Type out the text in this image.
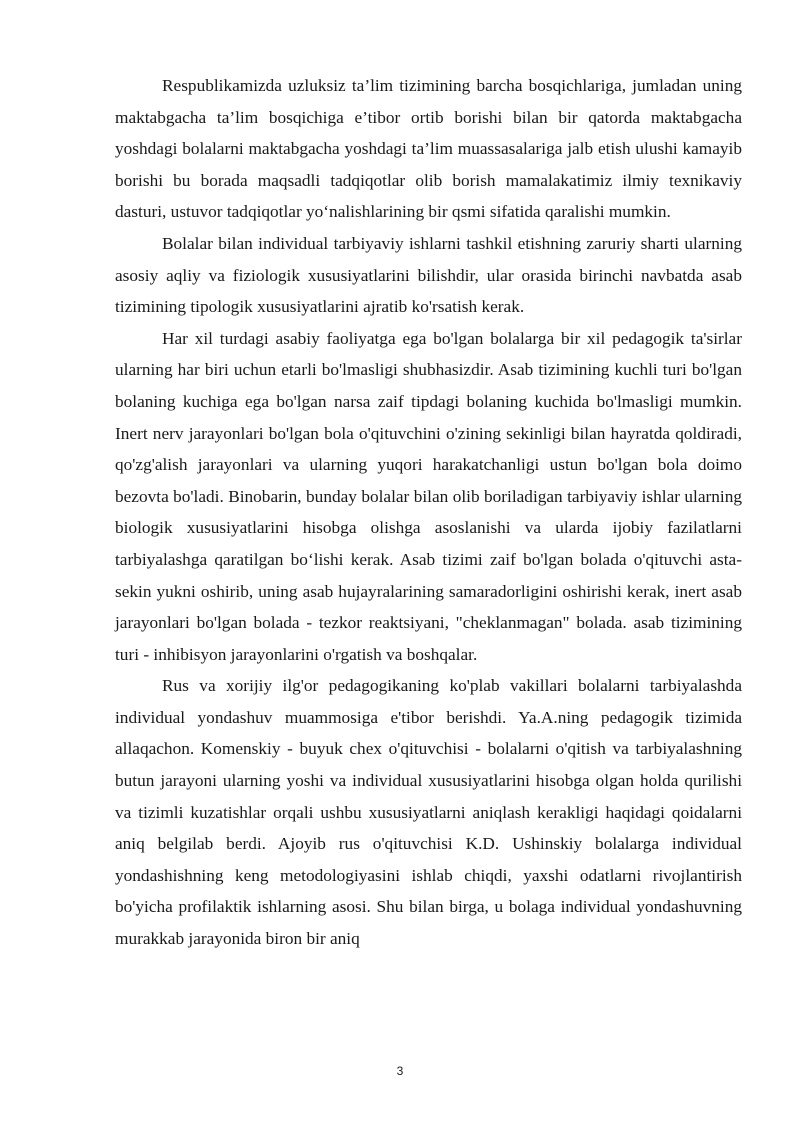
Respublikamizda uzluksiz ta’lim tizimining barcha bosqichlariga, jumladan uning maktabgacha ta’lim bosqichiga e’tibor ortib borishi bilan bir qatorda maktabgacha yoshdagi bolalarni maktabgacha yoshdagi ta’lim muassasalariga jalb etish ulushi kamayib borishi bu borada maqsadli tadqiqotlar olib borish mamalakatimiz ilmiy texnikaviy dasturi, ustuvor tadqiqotlar yo‘nalishlarining bir qsmi sifatida qaralishi mumkin.

Bolalar bilan individual tarbiyaviy ishlarni tashkil etishning zaruriy sharti ularning asosiy aqliy va fiziologik xususiyatlarini bilishdir, ular orasida birinchi navbatda asab tizimining tipologik xususiyatlarini ajratib ko'rsatish kerak.

Har xil turdagi asabiy faoliyatga ega bo'lgan bolalarga bir xil pedagogik ta'sirlar ularning har biri uchun etarli bo'lmasligi shubhasizdir. Asab tizimining kuchli turi bo'lgan bolaning kuchiga ega bo'lgan narsa zaif tipdagi bolaning kuchida bo'lmasligi mumkin. Inert nerv jarayonlari bo'lgan bola o'qituvchini o'zining sekinligi bilan hayratda qoldiradi, qo'zg'alish jarayonlari va ularning yuqori harakatchanligi ustun bo'lgan bola doimo bezovta bo'ladi. Binobarin, bunday bolalar bilan olib boriladigan tarbiyaviy ishlar ularning biologik xususiyatlarini hisobga olishga asoslanishi va ularda ijobiy fazilatlarni tarbiyalashga qaratilgan bo‘lishi kerak. Asab tizimi zaif bo'lgan bolada o'qituvchi asta-sekin yukni oshirib, uning asab hujayralarining samaradorligini oshirishi kerak, inert asab jarayonlari bo'lgan bolada - tezkor reaktsiyani, "cheklanmagan" bolada. asab tizimining turi - inhibisyon jarayonlarini o'rgatish va boshqalar.

Rus va xorijiy ilg'or pedagogikaning ko'plab vakillari bolalarni tarbiyalashda individual yondashuv muammosiga e'tibor berishdi. Ya.A.ning pedagogik tizimida allaqachon. Komenskiy - buyuk chex o'qituvchisi - bolalarni o'qitish va tarbiyalashning butun jarayoni ularning yoshi va individual xususiyatlarini hisobga olgan holda qurilishi va tizimli kuzatishlar orqali ushbu xususiyatlarni aniqlash kerakligi haqidagi qoidalarni aniq belgilab berdi. Ajoyib rus o'qituvchisi K.D. Ushinskiy bolalarga individual yondashishning keng metodologiyasini ishlab chiqdi, yaxshi odatlarni rivojlantirish bo'yicha profilaktik ishlarning asosi. Shu bilan birga, u bolaga individual yondashuvning murakkab jarayonida biron bir aniq

3
